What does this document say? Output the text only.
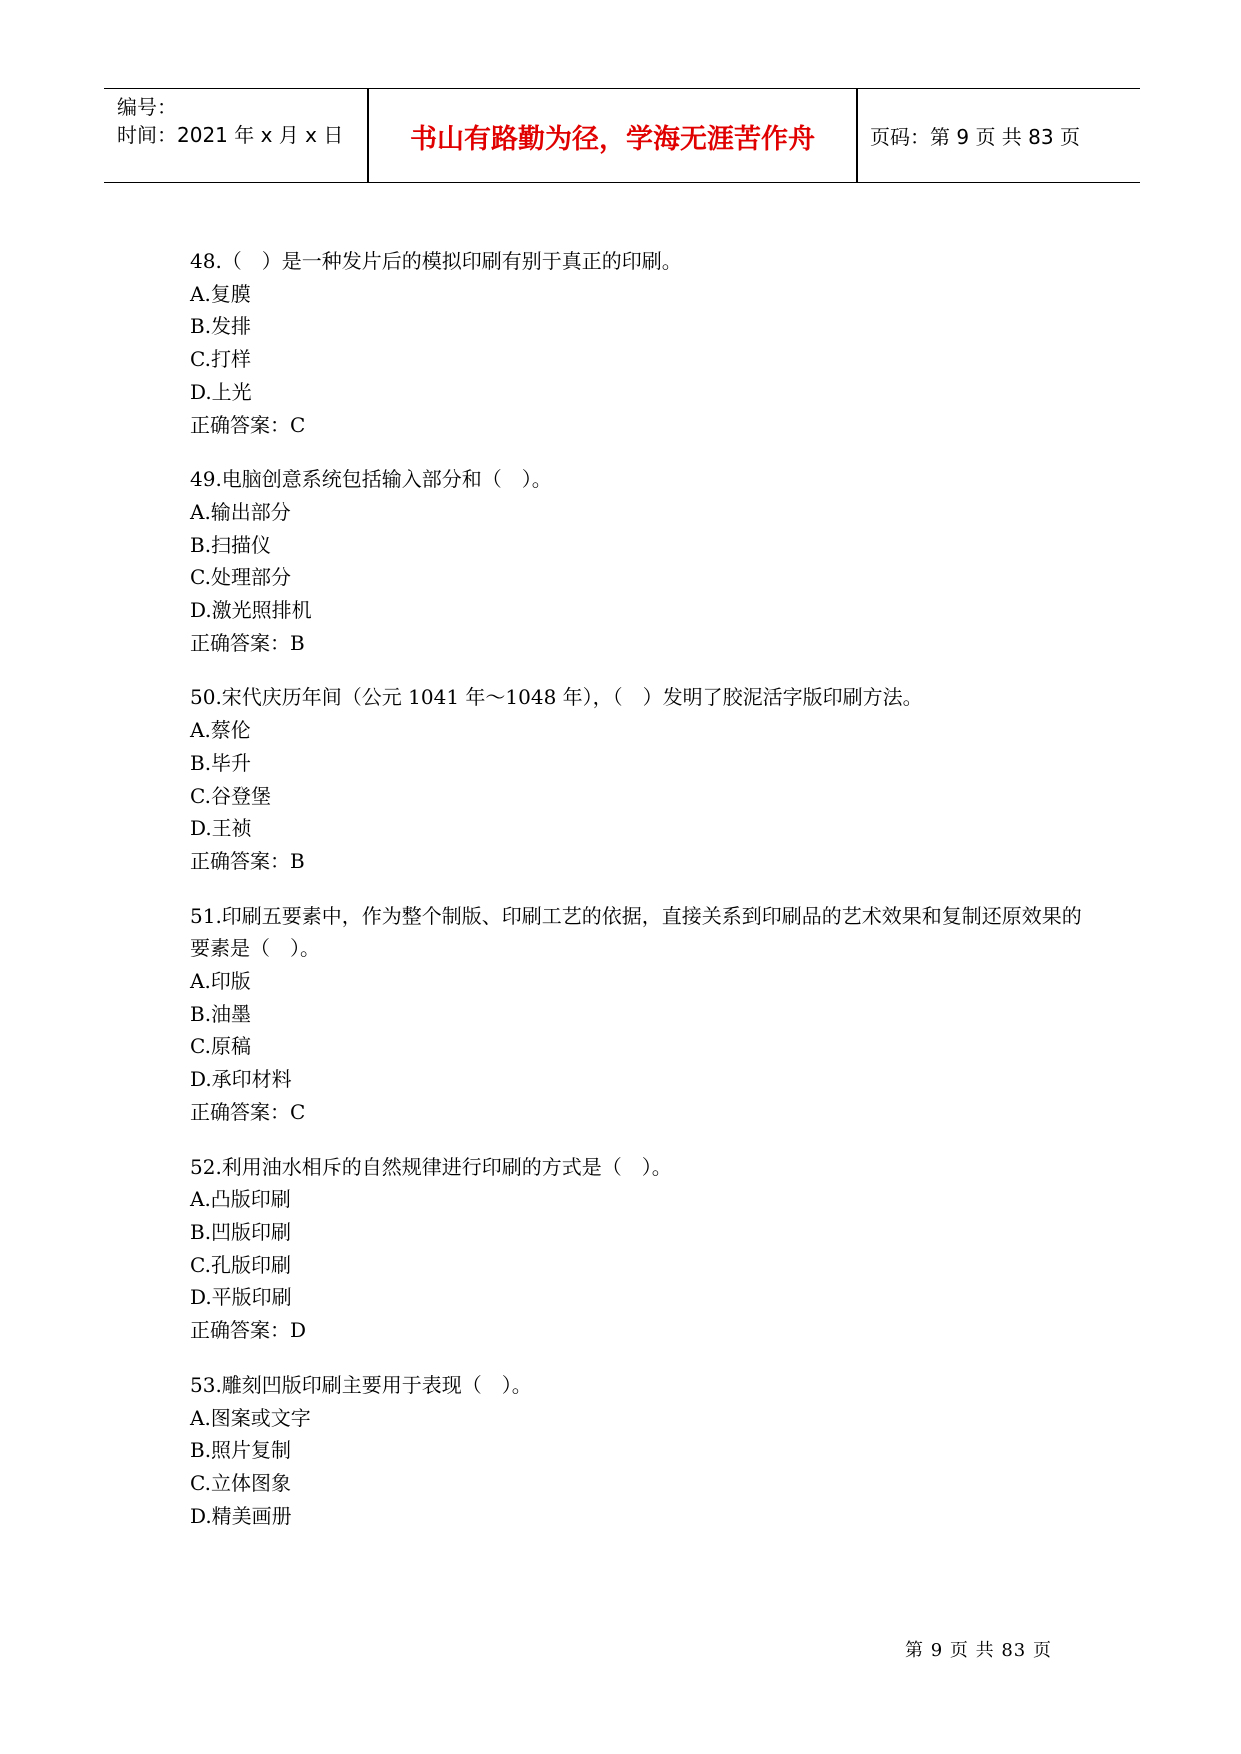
编号：
时间：2021 年 x 月 x 日	书山有路勤为径，学海无涯苦作舟	页码：第 9 页 共 83 页
48.（　）是一种发片后的模拟印刷有别于真正的印刷。
A.复膜
B.发排
C.打样
D.上光
正确答案：C
49.电脑创意系统包括输入部分和（　）。
A.输出部分
B.扫描仪
C.处理部分
D.激光照排机
正确答案：B
50.宋代庆历年间（公元 1041 年～1048 年），（　）发明了胶泥活字版印刷方法。
A.蔡伦
B.毕升
C.谷登堡
D.王祯
正确答案：B
51.印刷五要素中，作为整个制版、印刷工艺的依据，直接关系到印刷品的艺术效果和复制还原效果的要素是（　）。
A.印版
B.油墨
C.原稿
D.承印材料
正确答案：C
52.利用油水相斥的自然规律进行印刷的方式是（　）。
A.凸版印刷
B.凹版印刷
C.孔版印刷
D.平版印刷
正确答案：D
53.雕刻凹版印刷主要用于表现（　）。
A.图案或文字
B.照片复制
C.立体图象
D.精美画册
第 9 页 共 83 页
